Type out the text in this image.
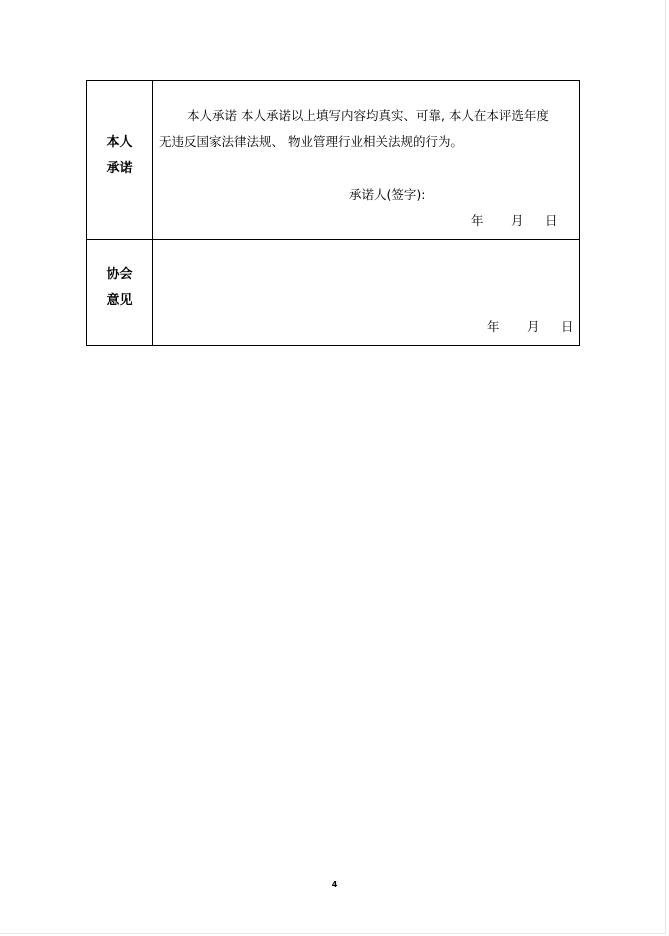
本人
承诺
本人承诺 本人承诺以上填写内容均真实、可靠, 本人在本评选年度
无违反国家法律法规、 物业管理行业相关法规的行为。
承诺人(签字):
年 月 日
协会
意见
年 月 日
4
